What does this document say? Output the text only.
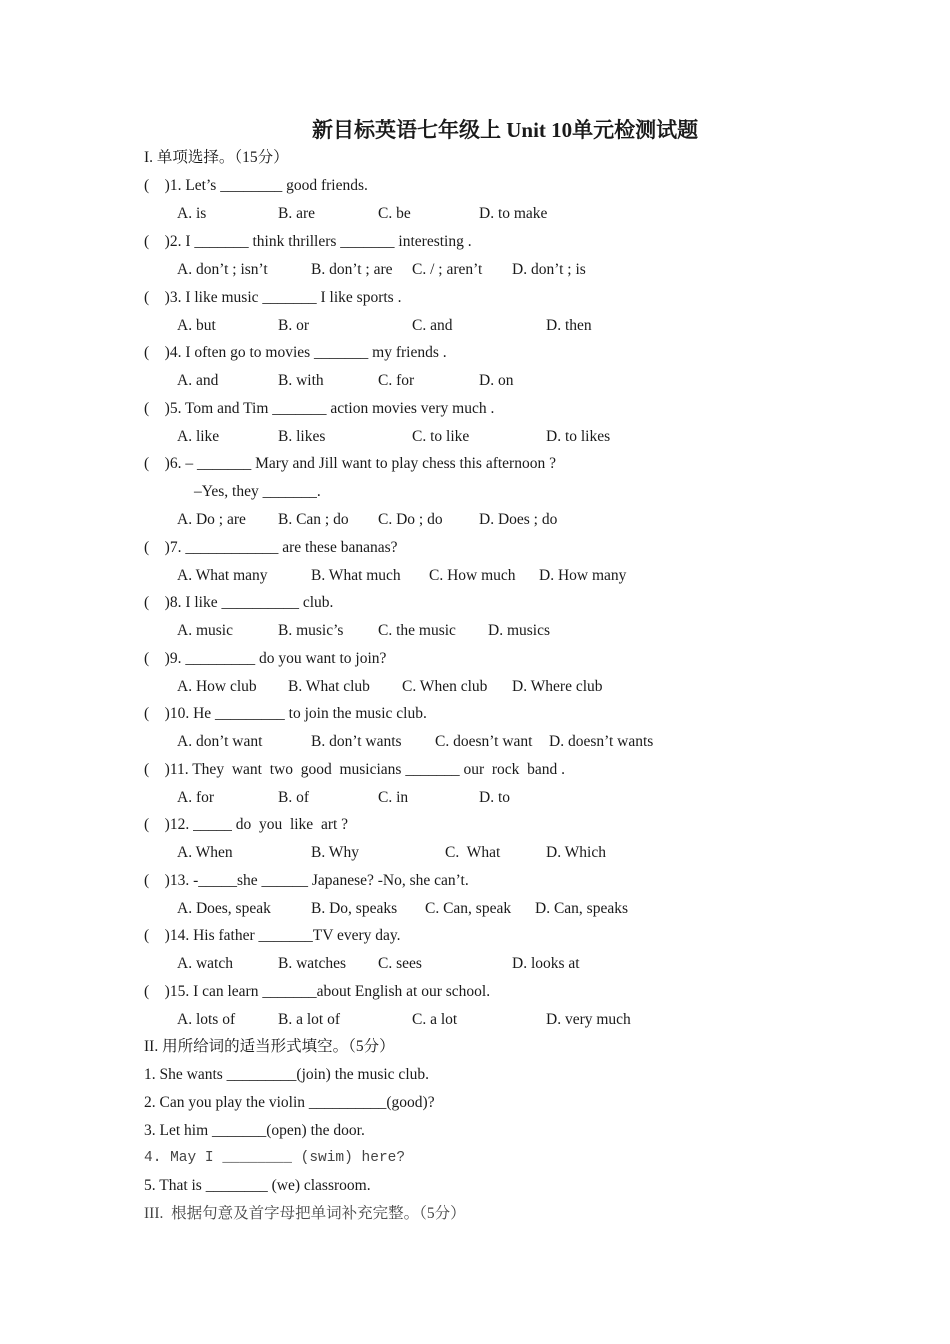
新目标英语七年级上 Unit 10单元检测试题
I. 单项选择。（15分）
(    )1. Let’s ________ good friends.
A. is	B. are	C. be	D. to make
(    )2. I _______ think thrillers _______ interesting .
A. don’t ; isn’t	B. don’t ; are C. / ; aren’t D. don’t ; is
(    )3. I like music _______ I like sports .
A. but	B. or	C. and	D. then
(    )4. I often go to movies _______ my friends .
A. and	B. with	C. for	D. on
(    )5. Tom and Tim _______ action movies very much .
A. like	B. likes	C. to like	D. to likes
(    )6. – _______ Mary and Jill want to play chess this afternoon ?
–Yes, they _______.
A. Do ; are B. Can ; do C. Do ; do D. Does ; do
(    )7. ____________ are these bananas?
A. What many	B. What much C. How much D. How many
(    )8. I like __________ club.
A. music	B. music’s C. the music D. musics
(    )9. _________ do you want to join?
A. How club B. What club C. When club D. Where club
(    )10. He _________ to join the music club.
A. don’t want	B. don’t wants C. doesn’t want D. doesn’t wants
(    )11. They  want  two  good  musicians _______ our  rock  band .
A. for	B. of	C. in	D. to
(    )12. _____ do  you  like  art ?
A. When	B. Why	C.  What	D. Which
(    )13. -_____she ______ Japanese? -No, she can’t.
A. Does, speak	B. Do, speaks C. Can, speak D. Can, speaks
(    )14. His father _______TV every day.
A. watch	B. watches C. sees	D. looks at
(    )15. I can learn _______about English at our school.
A. lots of	B. a lot of	C. a lot	D. very much
II. 用所给词的适当形式填空。（5分）
1. She wants _________(join) the music club.
2. Can you play the violin __________(good)?
3. Let him _______(open) the door.
4. May I ________ (swim) here?
5. That is ________ (we) classroom.
III.  根据句意及首字母把单词补充完整。（5分）
